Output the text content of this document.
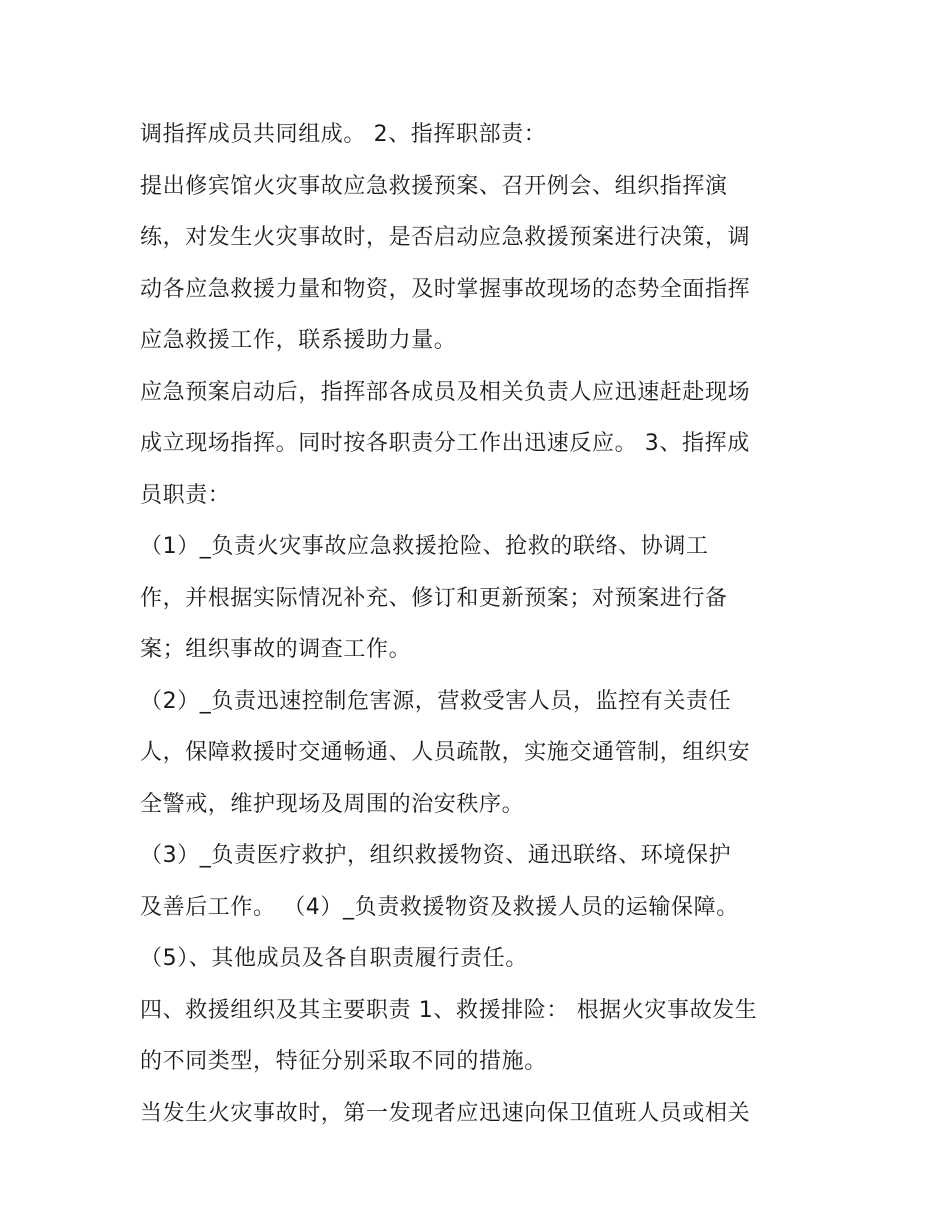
调指挥成员共同组成。 2、指挥职部责：
提出修宾馆火灾事故应急救援预案、召开例会、组织指挥演
练，对发生火灾事故时，是否启动应急救援预案进行决策，调
动各应急救援力量和物资，及时掌握事故现场的态势全面指挥
应急救援工作，联系援助力量。
应急预案启动后，指挥部各成员及相关负责人应迅速赶赴现场
成立现场指挥。同时按各职责分工作出迅速反应。 3、指挥成
员职责：
（1）_负责火灾事故应急救援抢险、抢救的联络、协调工
作，并根据实际情况补充、修订和更新预案；对预案进行备
案；组织事故的调查工作。
（2）_负责迅速控制危害源，营救受害人员，监控有关责任
人，保障救援时交通畅通、人员疏散，实施交通管制，组织安
全警戒，维护现场及周围的治安秩序。
（3）_负责医疗救护，组织救援物资、通迅联络、环境保护
及善后工作。 （4）_负责救援物资及救援人员的运输保障。
（5）、其他成员及各自职责履行责任。
四、救援组织及其主要职责 1、救援排险： 根据火灾事故发生
的不同类型，特征分别采取不同的措施。
当发生火灾事故时，第一发现者应迅速向保卫值班人员或相关
